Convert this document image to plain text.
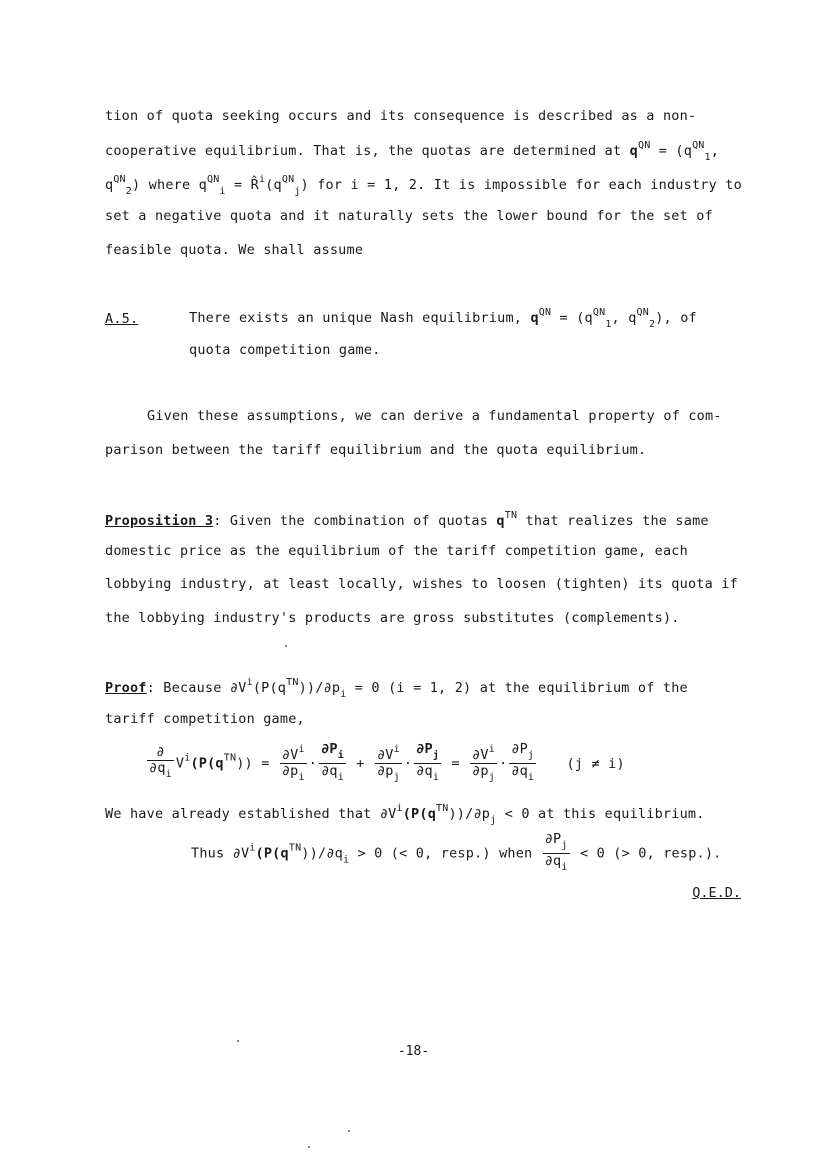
tion of quota seeking occurs and its consequence is described as a non-
cooperative equilibrium. That is, the quotas are determined at $q^{QN} = (q^{QN}_1$,
$q^{QN}_2$) where $q^{QN}_i$ = $R̂^i(q^{QN}_j)$ for i = 1, 2. It is impossible for each industry to
set a negative quota and it naturally sets the lower bound for the set of
feasible quota. We shall assume
A.5.	There exists an unique Nash equilibrium, $q^{QN} = (q^{QN}_1$, $q^{QN}_2$), of
quota competition game.
Given these assumptions, we can derive a fundamental property of com-
parison between the tariff equilibrium and the quota equilibrium.
Proposition 3: Given the combination of quotas $q^{TN}$ that realizes the same
domestic price as the equilibrium of the tariff competition game, each
lobbying industry, at least locally, wishes to loosen (tighten) its quota if
the lobbying industry's products are gross substitutes (complements).
Proof: Because $\partial V^i(P(q^{TN}))/\partial p_i = 0$ (i = 1, 2) at the equilibrium of the
tariff competition game,
$\frac{\partial}{\partial q_i} V^i(P(q^{TN})) = \frac{\partial V^i}{\partial p_i} \cdot \frac{\partial P_i}{\partial q_i} + \frac{\partial V^i}{\partial p_j} \cdot \frac{\partial P_j}{\partial q_i} = \frac{\partial V^i}{\partial p_j} \cdot \frac{\partial P_j}{\partial q_i} (j \ne i)$
We have already established that $\partial V^i(P(q^{TN}))/\partial p_j < 0$ at this equilibrium.
Thus $\partial V^i(P(q^{TN}))/\partial q_i > 0$ (< 0, resp.) when $\frac{\partial P_j}{\partial q_i} < 0$ (> 0, resp.).
Q.E.D.
-18-
